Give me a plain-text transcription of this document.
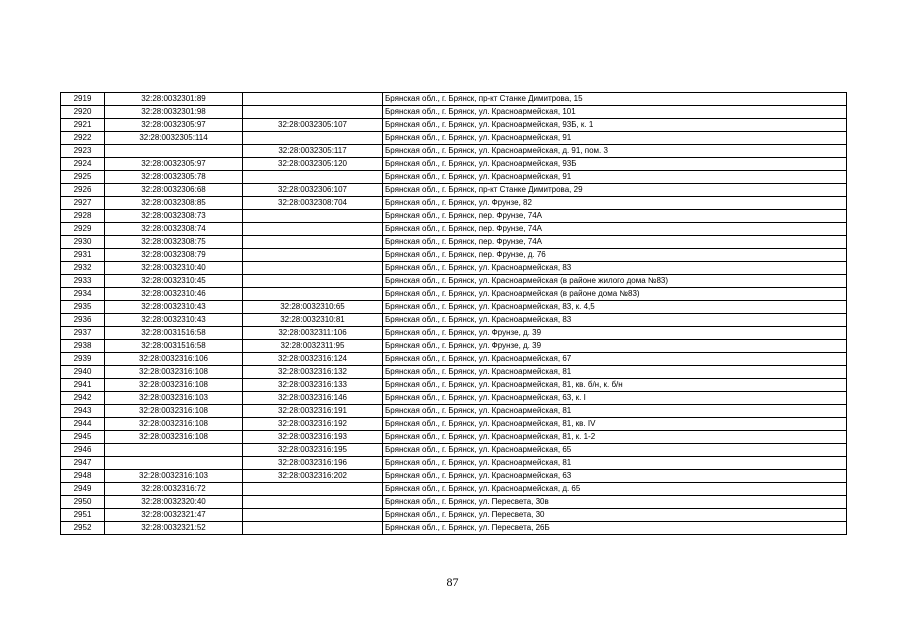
2919	32:28:0032301:89		Брянская обл., г. Брянск, пр-кт Станке Димитрова, 15
2920	32:28:0032301:98		Брянская обл., г. Брянск, ул. Красноармейская, 101
2921	32:28:0032305:97	32:28:0032305:107	Брянская обл., г. Брянск, ул. Красноармейская, 93Б, к. 1
2922	32:28:0032305:114		Брянская обл., г. Брянск, ул. Красноармейская, 91
2923		32:28:0032305:117	Брянская обл., г. Брянск, ул. Красноармейская, д. 91, пом. 3
2924	32:28:0032305:97	32:28:0032305:120	Брянская обл., г. Брянск, ул. Красноармейская, 93Б
2925	32:28:0032305:78		Брянская обл., г. Брянск, ул. Красноармейская, 91
2926	32:28:0032306:68	32:28:0032306:107	Брянская обл., г. Брянск, пр-кт Станке Димитрова, 29
2927	32:28:0032308:85	32:28:0032308:704	Брянская обл., г. Брянск, ул. Фрунзе, 82
2928	32:28:0032308:73		Брянская обл., г. Брянск, пер. Фрунзе, 74А
2929	32:28:0032308:74		Брянская обл., г. Брянск, пер. Фрунзе, 74А
2930	32:28:0032308:75		Брянская обл., г. Брянск, пер. Фрунзе, 74А
2931	32:28:0032308:79		Брянская обл., г. Брянск, пер. Фрунзе, д. 76
2932	32:28:0032310:40		Брянская обл., г. Брянск, ул. Красноармейская, 83
2933	32:28:0032310:45		Брянская обл., г. Брянск, ул. Красноармейская (в районе жилого дома №83)
2934	32:28:0032310:46		Брянская обл., г. Брянск, ул. Красноармейская (в районе дома №83)
2935	32:28:0032310:43	32:28:0032310:65	Брянская обл., г. Брянск, ул. Красноармейская, 83, к. 4,5
2936	32:28:0032310:43	32:28:0032310:81	Брянская обл., г. Брянск, ул. Красноармейская, 83
2937	32:28:0031516:58	32:28:0032311:106	Брянская обл., г. Брянск, ул. Фрунзе, д. 39
2938	32:28:0031516:58	32:28:0032311:95	Брянская обл., г. Брянск, ул. Фрунзе, д. 39
2939	32:28:0032316:106	32:28:0032316:124	Брянская обл., г. Брянск, ул. Красноармейская, 67
2940	32:28:0032316:108	32:28:0032316:132	Брянская обл., г. Брянск, ул. Красноармейская, 81
2941	32:28:0032316:108	32:28:0032316:133	Брянская обл., г. Брянск, ул. Красноармейская, 81, кв. б/н, к. б/н
2942	32:28:0032316:103	32:28:0032316:146	Брянская обл., г. Брянск, ул. Красноармейская, 63, к. I
2943	32:28:0032316:108	32:28:0032316:191	Брянская обл., г. Брянск, ул. Красноармейская, 81
2944	32:28:0032316:108	32:28:0032316:192	Брянская обл., г. Брянск, ул. Красноармейская, 81, кв. IV
2945	32:28:0032316:108	32:28:0032316:193	Брянская обл., г. Брянск, ул. Красноармейская, 81, к. 1-2
2946		32:28:0032316:195	Брянская обл., г. Брянск, ул. Красноармейская, 65
2947		32:28:0032316:196	Брянская обл., г. Брянск, ул. Красноармейская, 81
2948	32:28:0032316:103	32:28:0032316:202	Брянская обл., г. Брянск, ул. Красноармейская, 63
2949	32:28:0032316:72		Брянская обл., г. Брянск, ул. Красноармейская, д. 65
2950	32:28:0032320:40		Брянская обл., г. Брянск, ул. Пересвета, 30в
2951	32:28:0032321:47		Брянская обл., г. Брянск, ул. Пересвета, 30
2952	32:28:0032321:52		Брянская обл., г. Брянск, ул. Пересвета, 26Б
87
